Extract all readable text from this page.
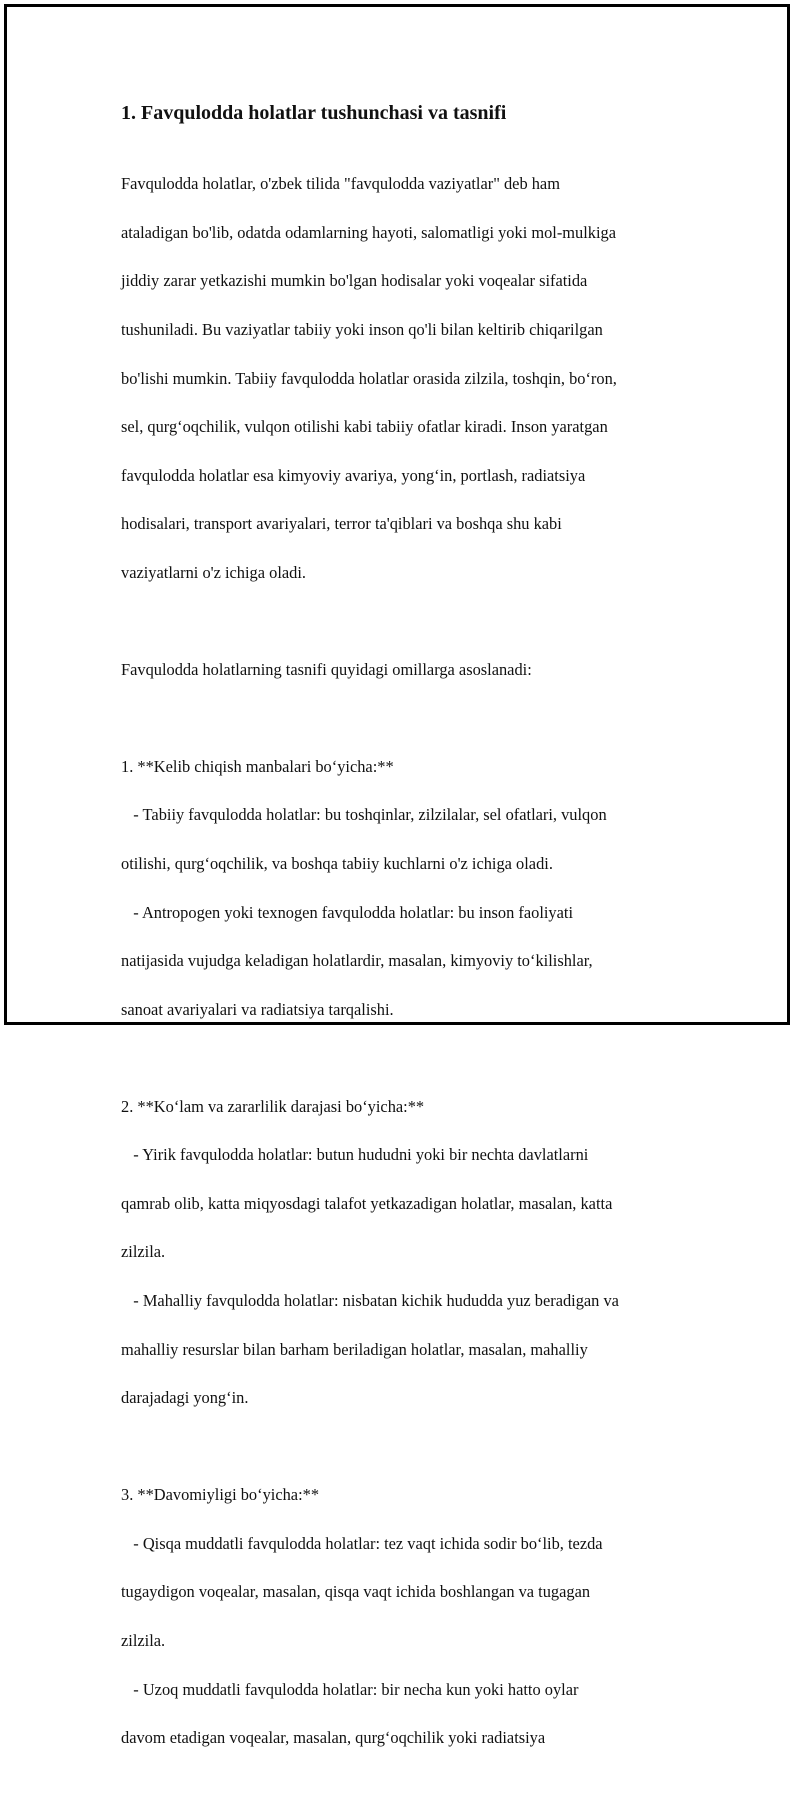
1. Favqulodda holatlar tushunchasi va tasnifi

Favqulodda holatlar, o'zbek tilida "favqulodda vaziyatlar" deb ham

ataladigan bo'lib, odatda odamlarning hayoti, salomatligi yoki mol-mulkiga

jiddiy zarar yetkazishi mumkin bo'lgan hodisalar yoki voqealar sifatida

tushuniladi. Bu vaziyatlar tabiiy yoki inson qo'li bilan keltirib chiqarilgan

bo'lishi mumkin. Tabiiy favqulodda holatlar orasida zilzila, toshqin, bo‘ron,

sel, qurg‘oqchilik, vulqon otilishi kabi tabiiy ofatlar kiradi. Inson yaratgan

favqulodda holatlar esa kimyoviy avariya, yong‘in, portlash, radiatsiya

hodisalari, transport avariyalari, terror ta'qiblari va boshqa shu kabi

vaziyatlarni o'z ichiga oladi.

Favqulodda holatlarning tasnifi quyidagi omillarga asoslanadi:

1. **Kelib chiqish manbalari bo‘yicha:**

- Tabiiy favqulodda holatlar: bu toshqinlar, zilzilalar, sel ofatlari, vulqon

otilishi, qurg‘oqchilik, va boshqa tabiiy kuchlarni o'z ichiga oladi.

- Antropogen yoki texnogen favqulodda holatlar: bu inson faoliyati

natijasida vujudga keladigan holatlardir, masalan, kimyoviy to‘kilishlar,

sanoat avariyalari va radiatsiya tarqalishi.

2. **Ko‘lam va zararlilik darajasi bo‘yicha:**

- Yirik favqulodda holatlar: butun hududni yoki bir nechta davlatlarni

qamrab olib, katta miqyosdagi talafot yetkazadigan holatlar, masalan, katta

zilzila.

- Mahalliy favqulodda holatlar: nisbatan kichik hududda yuz beradigan va

mahalliy resurslar bilan barham beriladigan holatlar, masalan, mahalliy

darajadagi yong‘in.

3. **Davomiyligi bo‘yicha:**

- Qisqa muddatli favqulodda holatlar: tez vaqt ichida sodir bo‘lib, tezda

tugaydigon voqealar, masalan, qisqa vaqt ichida boshlangan va tugagan

zilzila.

- Uzoq muddatli favqulodda holatlar: bir necha kun yoki hatto oylar

davom etadigan voqealar, masalan, qurg‘oqchilik yoki radiatsiya
